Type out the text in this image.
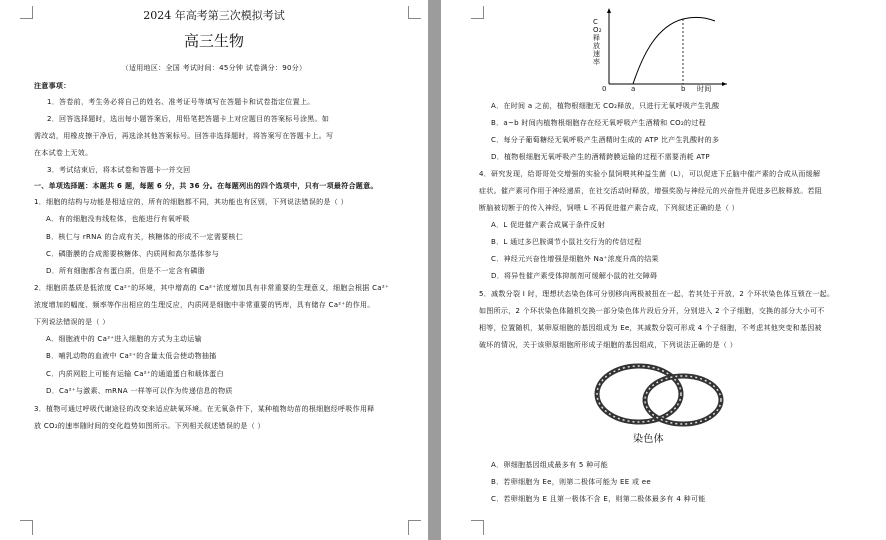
2024 年高考第三次模拟考试
高三生物
（适用地区：全国 考试时间：45分钟 试卷满分：90分）
注意事项：
1．答卷前，考生务必将自己的姓名、准考证号等填写在答题卡和试卷指定位置上。
2．回答选择题时，选出每小题答案后，用铅笔把答题卡上对应题目的答案标号涂黑。如
需改动，用橡皮擦干净后，再选涂其他答案标号。回答非选择题时，将答案写在答题卡上。写
在本试卷上无效。
3．考试结束后，将本试卷和答题卡一并交回
一、单项选择题：本题共 6 题，每题 6 分，共 36 分。在每题列出的四个选项中，只有一项最符合题意。
1．细胞的结构与功能是相适应的，所有的细胞都不同，其功能也有区别，下列说法错误的是（ ）
A．有的细胞没有线粒体，也能进行有氧呼吸
B．核仁与 rRNA 的合成有关，核糖体的形成不一定需要核仁
C．磷脂膜的合成需要核糖体、内质网和高尔基体参与
D．所有细胞都含有蛋白质，但是不一定含有磷脂
2．细胞质基质是低浓度 Ca²⁺的环境，其中增高的 Ca²⁺浓度增加具有非常重要的生理意义，细胞会根据 Ca²⁺
浓度增加的幅度、频率等作出相应的生理反应，内质网是细胞中非常重要的钙库，具有储存 Ca²⁺的作用。
下列说法错误的是（ ）
A．细胞液中的 Ca²⁺进入细胞的方式为主动运输
B．哺乳动物的血液中 Ca²⁺的含量太低会使动物抽搐
C．内质网腔上可能有运输 Ca²⁺的通道蛋白和载体蛋白
D．Ca²⁺与激素、mRNA 一样等可以作为传递信息的物质
3．植物可通过呼吸代谢途径的改变来适应缺氧环境。在无氧条件下，某种植物幼苗的根细胞经呼吸作用释
放 CO₂的速率随时间的变化趋势如图所示。下列相关叙述错误的是（ ）
CO₂释放速率
0	a	b 时间
A．在时间 a 之前，植物根细胞无 CO₂释放，只进行无氧呼吸产生乳酸
B．a~b 时间内植物根细胞存在经无氧呼吸产生酒精和 CO₂的过程
C．每分子葡萄糖经无氧呼吸产生酒精时生成的 ATP 比产生乳酸时的多
D．植物根细胞无氧呼吸产生的酒精跨膜运输的过程不需要消耗 ATP
4．研究发现，给哥哥处交增强的实验小鼠饲喂其种益生菌（L），可以促进下丘脑中催产素的合成从而缓解
症状。催产素可作用于神经递质，在社交活动时释放，增强奖励与神经元的兴奋性并促进多巴胺释放。若阻
断脑被切断于的传入神经，饲喂 L 不再促进催产素合成，下列叙述正确的是（ ）
A．L 促进催产素合成属于条件反射
B．L 通过多巴胺调节小鼠社交行为的传信过程
C．神经元兴奋性增强是细胞外 Na⁺浓度升高的结果
D．将异性催产素受体抑制剂可缓解小鼠的社交障碍
5．减数分裂 I 时，理想状态染色体可分别移向两极被扭在一起，若其处于开放，2 个环状染色体互锁在一起。
如图所示，2 个环状染色体随机交换一部分染色体片段后分开，分别进入 2 个子细胞，交换的部分大小可不
相等，位置随机，某卵原细胞的基因组成为 Ee，其减数分裂可形成 4 个子细胞，不考虑其他突变和基因被
破坏的情况，关于该卵原细胞所形成子细胞的基因组成，下列说法正确的是（ ）
染色体
A．卵细胞基因组成最多有 5 种可能
B．若卵细胞为 Ee，则第二极体可能为 EE 或 ee
C．若卵细胞为 E 且第一极体不含 E，则第二极体最多有 4 种可能
